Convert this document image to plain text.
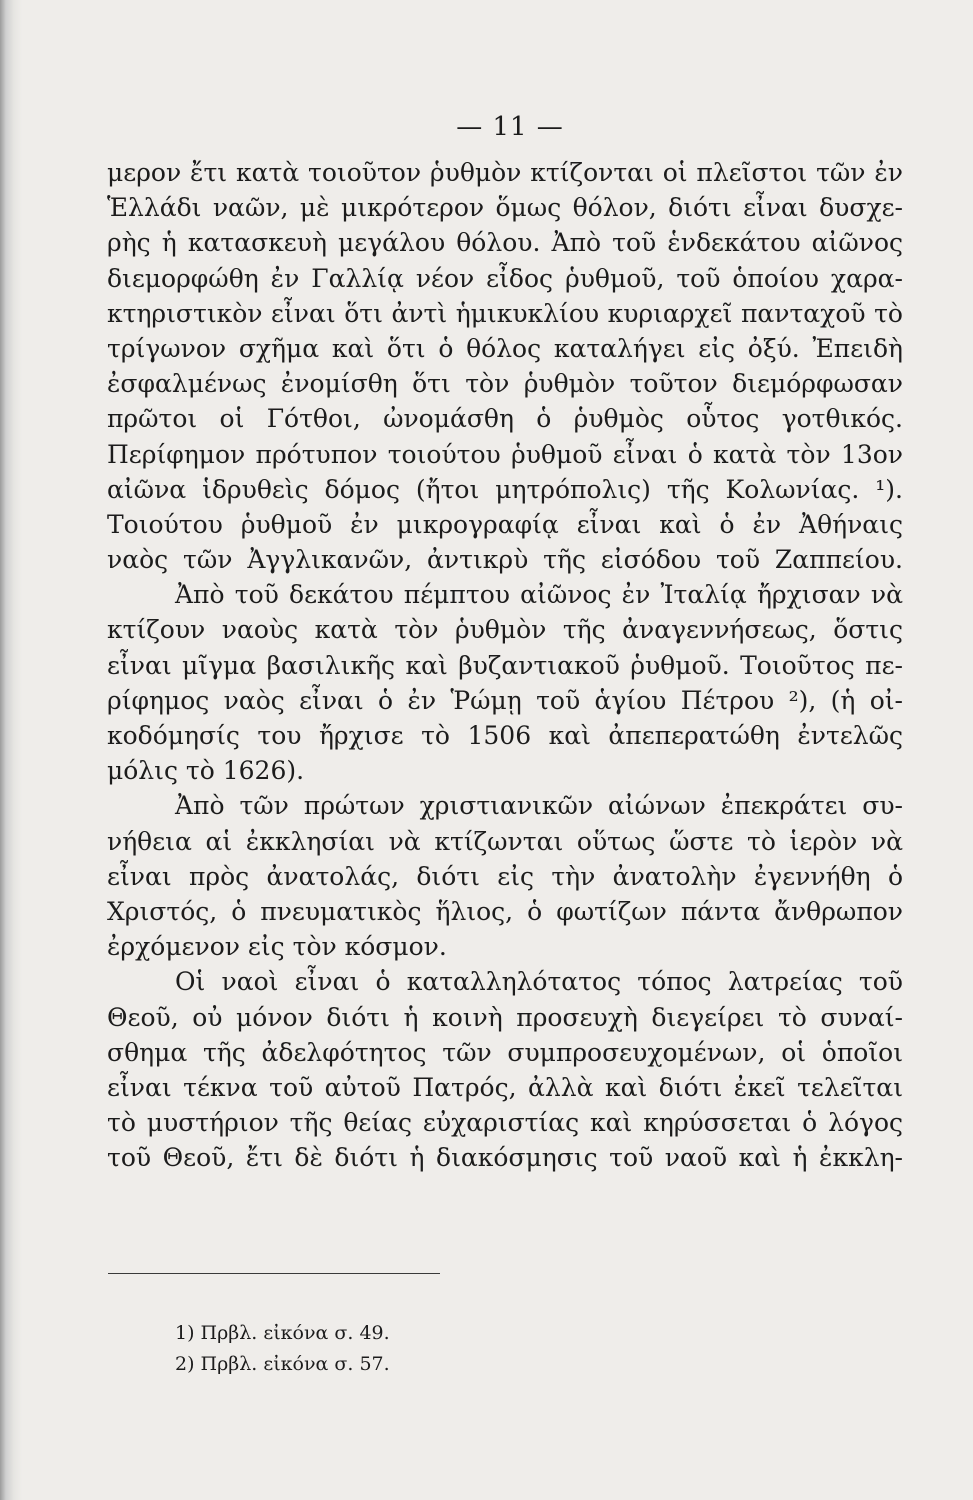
— 11 —
μερον ἔτι κατὰ τοιοῦτον ῥυθμὸν κτίζονται οἱ πλεῖστοι τῶν ἐν
Ἑλλάδι ναῶν, μὲ μικρότερον ὅμως θόλον, διότι εἶναι δυσχε-
ρὴς ἡ κατασκευὴ μεγάλου θόλου. Ἀπὸ τοῦ ἑνδεκάτου αἰῶνος
διεμορφώθη ἐν Γαλλίᾳ νέον εἶδος ῥυθμοῦ, τοῦ ὁποίου χαρα-
κτηριστικὸν εἶναι ὅτι ἀντὶ ἡμικυκλίου κυριαρχεῖ πανταχοῦ τὸ
τρίγωνον σχῆμα καὶ ὅτι ὁ θόλος καταλήγει εἰς ὀξύ. Ἐπειδὴ
ἐσφαλμένως ἐνομίσθη ὅτι τὸν ῥυθμὸν τοῦτον διεμόρφωσαν
πρῶτοι οἱ Γότθοι, ὠνομάσθη ὁ ῥυθμὸς οὗτος γοτθικός.
Περίφημον πρότυπον τοιούτου ῥυθμοῦ εἶναι ὁ κατὰ τὸν 13ον
αἰῶνα ἱδρυθεὶς δόμος (ἤτοι μητρόπολις) τῆς Κολωνίας. ¹).
Τοιούτου ῥυθμοῦ ἐν μικρογραφίᾳ εἶναι καὶ ὁ ἐν Ἀθήναις
ναὸς τῶν Ἀγγλικανῶν, ἀντικρὺ τῆς εἰσόδου τοῦ Ζαππείου.
Ἀπὸ τοῦ δεκάτου πέμπτου αἰῶνος ἐν Ἰταλίᾳ ἤρχισαν νὰ
κτίζουν ναοὺς κατὰ τὸν ῥυθμὸν τῆς ἀναγεννήσεως, ὅστις
εἶναι μῖγμα βασιλικῆς καὶ βυζαντιακοῦ ῥυθμοῦ. Τοιοῦτος πε-
ρίφημος ναὸς εἶναι ὁ ἐν Ῥώμῃ τοῦ ἁγίου Πέτρου ²), (ἡ οἰ-
κοδόμησίς του ἤρχισε τὸ 1506 καὶ ἀπεπερατώθη ἐντελῶς
μόλις τὸ 1626).
Ἀπὸ τῶν πρώτων χριστιανικῶν αἰώνων ἐπεκράτει συ-
νήθεια αἱ ἐκκλησίαι νὰ κτίζωνται οὕτως ὥστε τὸ ἱερὸν νὰ
εἶναι πρὸς ἀνατολάς, διότι εἰς τὴν ἀνατολὴν ἐγεννήθη ὁ
Χριστός, ὁ πνευματικὸς ἥλιος, ὁ φωτίζων πάντα ἄνθρωπον
ἐρχόμενον εἰς τὸν κόσμον.
Οἱ ναοὶ εἶναι ὁ καταλληλότατος τόπος λατρείας τοῦ
Θεοῦ, οὐ μόνον διότι ἡ κοινὴ προσευχὴ διεγείρει τὸ συναί-
σθημα τῆς ἀδελφότητος τῶν συμπροσευχομένων, οἱ ὁποῖοι
εἶναι τέκνα τοῦ αὐτοῦ Πατρός, ἀλλὰ καὶ διότι ἐκεῖ τελεῖται
τὸ μυστήριον τῆς θείας εὐχαριστίας καὶ κηρύσσεται ὁ λόγος
τοῦ Θεοῦ, ἔτι δὲ διότι ἡ διακόσμησις τοῦ ναοῦ καὶ ἡ ἐκκλη-
1) Πρβλ. εἰκόνα σ. 49.
2) Πρβλ. εἰκόνα σ. 57.
